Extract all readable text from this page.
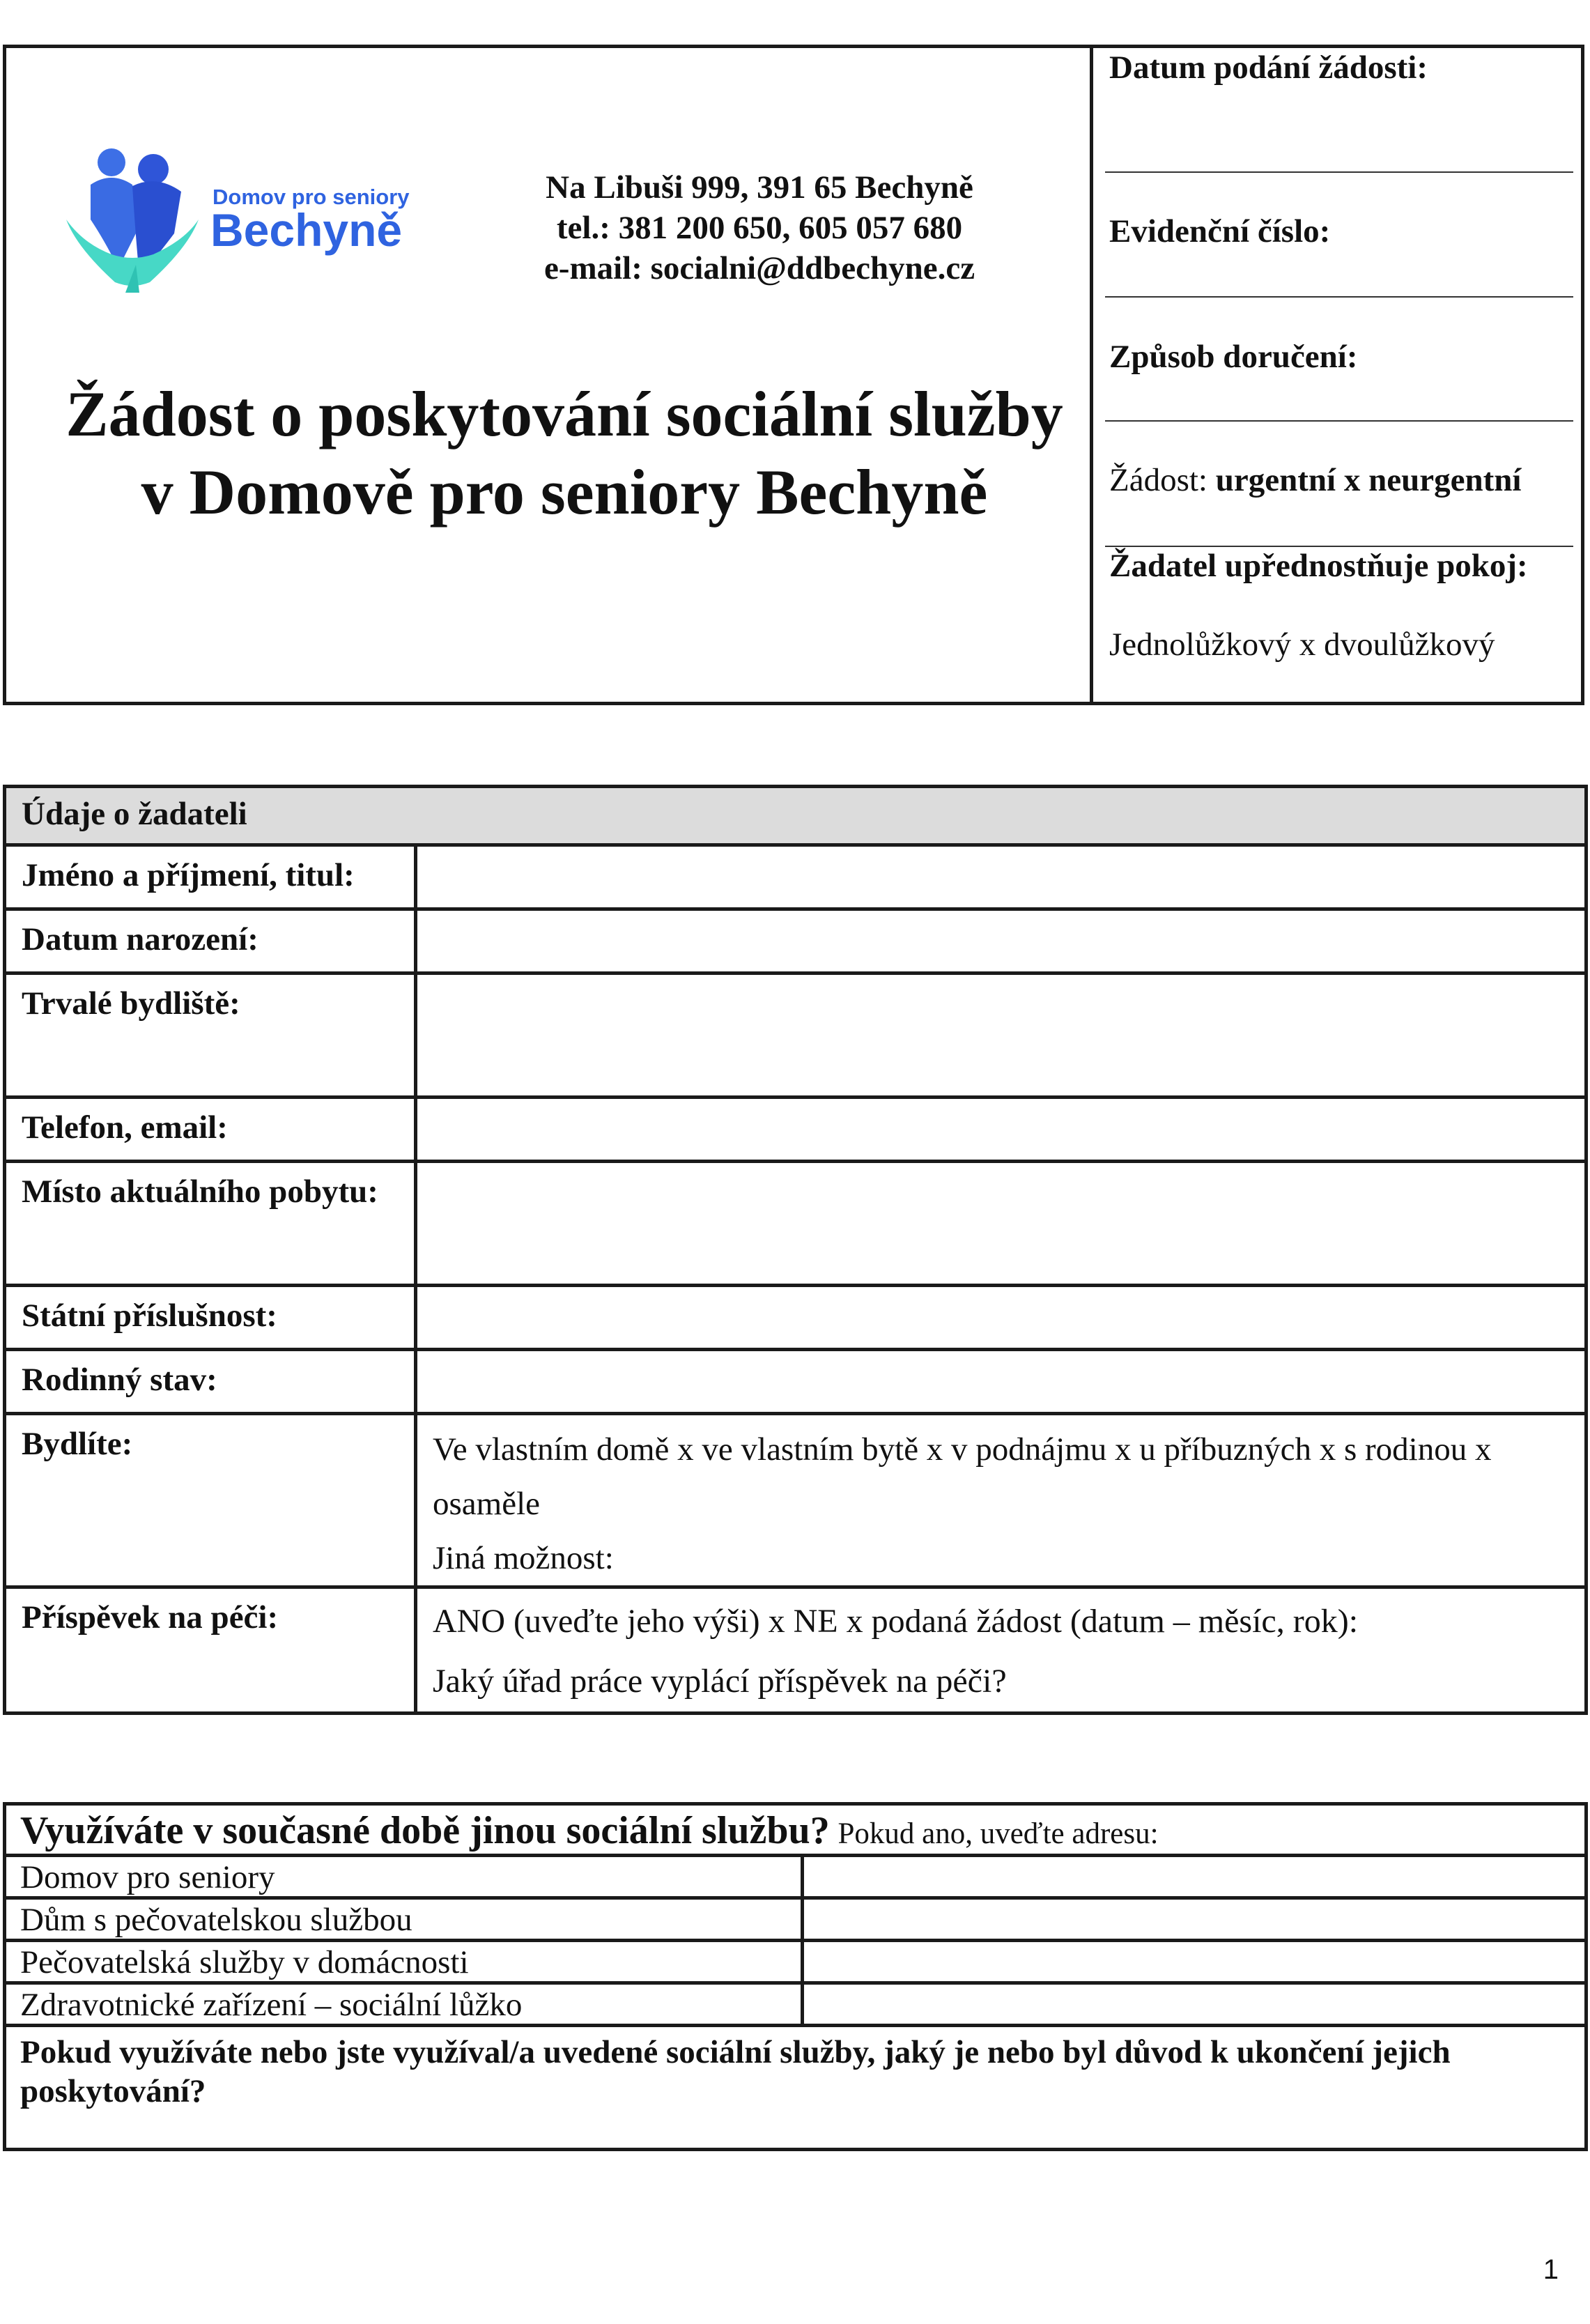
Domov pro seniory
Bechyně
Na Libuši 999, 391 65 Bechyně
tel.: 381 200 650, 605 057 680
e-mail: socialni@ddbechyne.cz
Žádost o poskytování sociální služby
v Domově pro seniory Bechyně
Datum podání žádosti:
Evidenční číslo:
Způsob doručení:
Žádost: urgentní x neurgentní
Žadatel upřednostňuje pokoj:
Jednolůžkový x dvoulůžkový
Údaje o žadateli	
Jméno a příjmení, titul:	
Datum narození:	
Trvalé bydliště:	
Telefon, email:	
Místo aktuálního pobytu:	
Státní příslušnost:	
Rodinný stav:	
Bydlíte:	Ve vlastním domě x ve vlastním bytě x v podnájmu x u příbuzných x s rodinou x
osaměle
Jiná možnost:

Příspěvek na péči:	ANO (uveďte jeho výši) x NE x podaná žádost (datum – měsíc, rok):
Jaký úřad práce vyplácí příspěvek na péči?
Využíváte v současné době jinou sociální službu? Pokud ano, uveďte adresu:	
Domov pro seniory	
Dům s pečovatelskou službou	
Pečovatelská služby v domácnosti	
Zdravotnické zařízení – sociální lůžko	
Pokud využíváte nebo jste využíval/a uvedené sociální služby, jaký je nebo byl důvod k ukončení jejich poskytování?	
1
